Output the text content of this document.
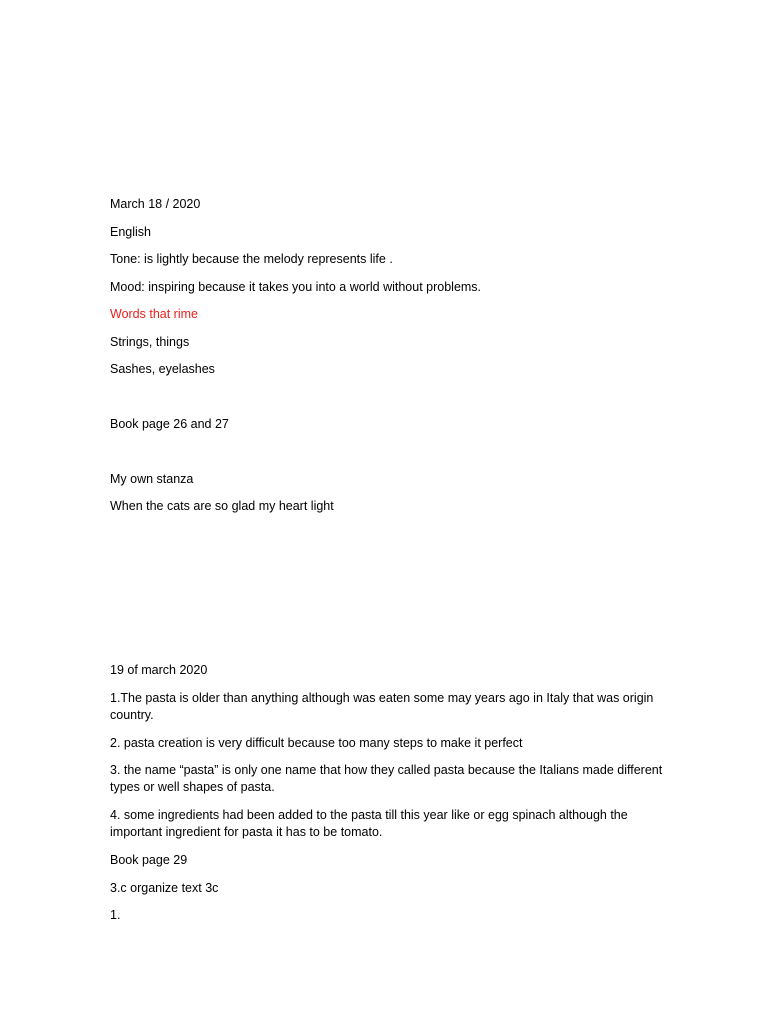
March 18 / 2020
English
Tone: is lightly because the melody represents life .
Mood: inspiring because it takes you into a world without problems.
Words that rime
Strings, things
Sashes, eyelashes
Book page 26 and 27
My own stanza
When the cats are so glad my heart light
19 of march 2020
1.The pasta is older than anything although was eaten some may years ago in Italy that was origin country.
2. pasta creation is very difficult because too many steps to make it perfect
3. the name “pasta” is only one name that how they called pasta because the Italians made different types or well shapes of pasta.
4. some ingredients had been added to the pasta till this year like or egg spinach although the important ingredient for pasta it has to be tomato.
Book page 29
3.c organize text 3c
1.
